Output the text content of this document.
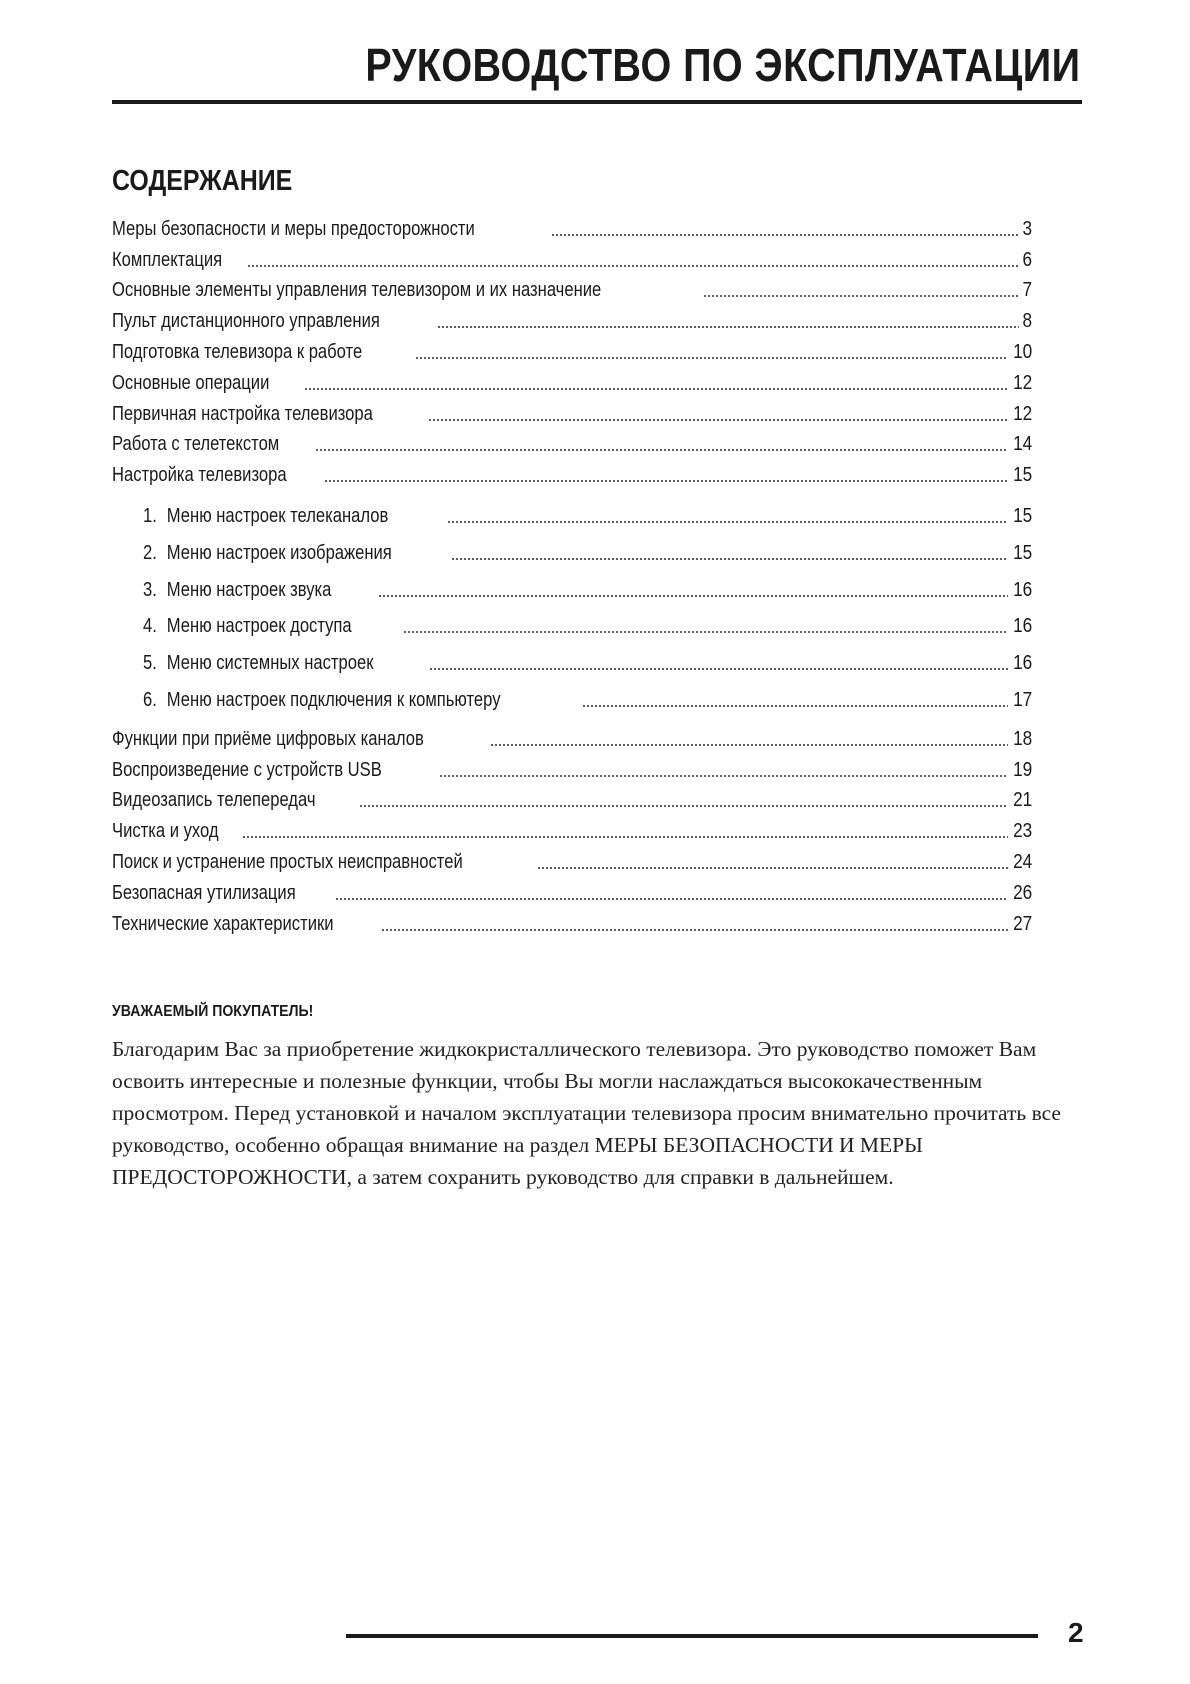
РУКОВОДСТВО ПО ЭКСПЛУАТАЦИИ
СОДЕРЖАНИЕ
Меры безопасности и меры предосторожности	3
Комплектация	6
Основные элементы управления телевизором и их назначение	7
Пульт дистанционного управления	8
Подготовка телевизора к работе	10
Основные операции	12
Первичная настройка телевизора	12
Работа с телетекстом	14
Настройка телевизора	15
1. Меню настроек телеканалов	15
2. Меню настроек изображения	15
3. Меню настроек звука	16
4. Меню настроек доступа	16
5. Меню системных настроек	16
6. Меню настроек подключения к компьютеру	17
Функции при приёме цифровых каналов	18
Воспроизведение с устройств USB	19
Видеозапись телепередач	21
Чистка и уход	23
Поиск и устранение простых неисправностей	24
Безопасная утилизация	26
Технические характеристики	27
УВАЖАЕМЫЙ ПОКУПАТЕЛЬ!
Благодарим Вас за приобретение жидкокристаллического телевизора. Это руководство поможет Вам освоить интересные и полезные функции, чтобы Вы могли наслаждаться высококачественным просмотром. Перед установкой и началом эксплуатации телевизора просим внимательно прочитать все руководство, особенно обращая внимание на раздел МЕРЫ БЕЗОПАСНОСТИ И МЕРЫ ПРЕДОСТОРОЖНОСТИ, а затем сохранить руководство для справки в дальнейшем.
2
